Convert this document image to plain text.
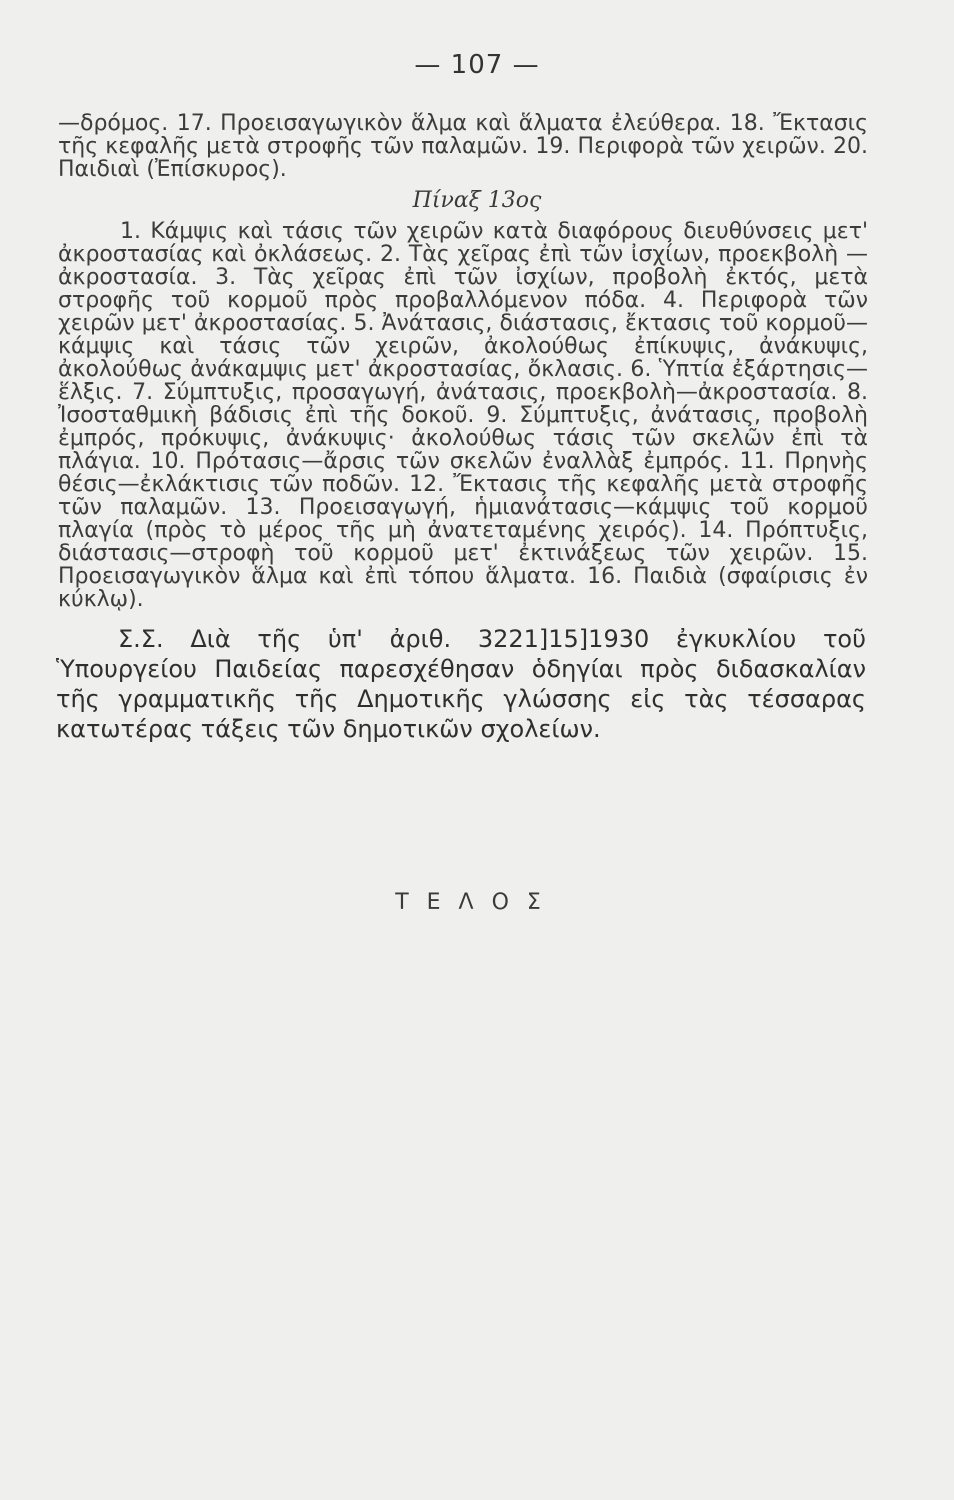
— 107 —
—δρόμος. 17. Προεισαγωγικὸν ἅλμα καὶ ἅλματα ἐλεύθερα. 18. Ἔκτασις τῆς κεφαλῆς μετὰ στροφῆς τῶν παλαμῶν. 19. Περιφορὰ τῶν χειρῶν. 20. Παιδιαὶ (Ἐπίσκυρος).
Πίναξ 13ος
1. Κάμψις καὶ τάσις τῶν χειρῶν κατὰ διαφόρους διευθύνσεις μετ' ἀκροστασίας καὶ ὀκλάσεως. 2. Τὰς χεῖρας ἐπὶ τῶν ἰσχίων, προεκβολὴ —ἀκροστασία. 3. Τὰς χεῖρας ἐπὶ τῶν ἰσχίων, προβολὴ ἐκτός, μετὰ στροφῆς τοῦ κορμοῦ πρὸς προβαλλόμενον πόδα. 4. Περιφορὰ τῶν χειρῶν μετ' ἀκροστασίας. 5. Ἀνάτασις, διάστασις, ἔκτασις τοῦ κορμοῦ—κάμψις καὶ τάσις τῶν χειρῶν, ἀκολούθως ἐπίκυψις, ἀνάκυψις, ἀκολούθως ἀνάκαμψις μετ' ἀκροστασίας, ὄκλασις. 6. Ὑπτία ἐξάρτησις—ἕλξις. 7. Σύμπτυξις, προσαγωγή, ἀνάτασις, προεκβολὴ—ἀκροστασία. 8. Ἰσοσταθμικὴ βάδισις ἐπὶ τῆς δοκοῦ. 9. Σύμπτυξις, ἀνάτασις, προβολὴ ἐμπρός, πρόκυψις, ἀνάκυψις· ἀκολούθως τάσις τῶν σκελῶν ἐπὶ τὰ πλάγια. 10. Πρότασις—ἄρσις τῶν σκελῶν ἐναλλὰξ ἐμπρός. 11. Πρηνὴς θέσις—ἐκλάκτισις τῶν ποδῶν. 12. Ἔκτασις τῆς κεφαλῆς μετὰ στροφῆς τῶν παλαμῶν. 13. Προεισαγωγή, ἡμιανάτασις—κάμψις τοῦ κορμοῦ πλαγία (πρὸς τὸ μέρος τῆς μὴ ἀνατεταμένης χειρός). 14. Πρόπτυξις, διάστασις—στροφὴ τοῦ κορμοῦ μετ' ἐκτινάξεως τῶν χειρῶν. 15. Προεισαγωγικὸν ἅλμα καὶ ἐπὶ τόπου ἅλματα. 16. Παιδιὰ (σφαίρισις ἐν κύκλῳ).
Σ.Σ. Διὰ τῆς ὑπ' ἀριθ. 3221]15]1930 ἐγκυκλίου τοῦ Ὑπουργείου Παιδείας παρεσχέθησαν ὁδηγίαι πρὸς διδασκαλίαν τῆς γραμματικῆς τῆς Δημοτικῆς γλώσσης εἰς τὰς τέσσαρας κατωτέρας τάξεις τῶν δημοτικῶν σχολείων.
ΤΕΛΟΣ
